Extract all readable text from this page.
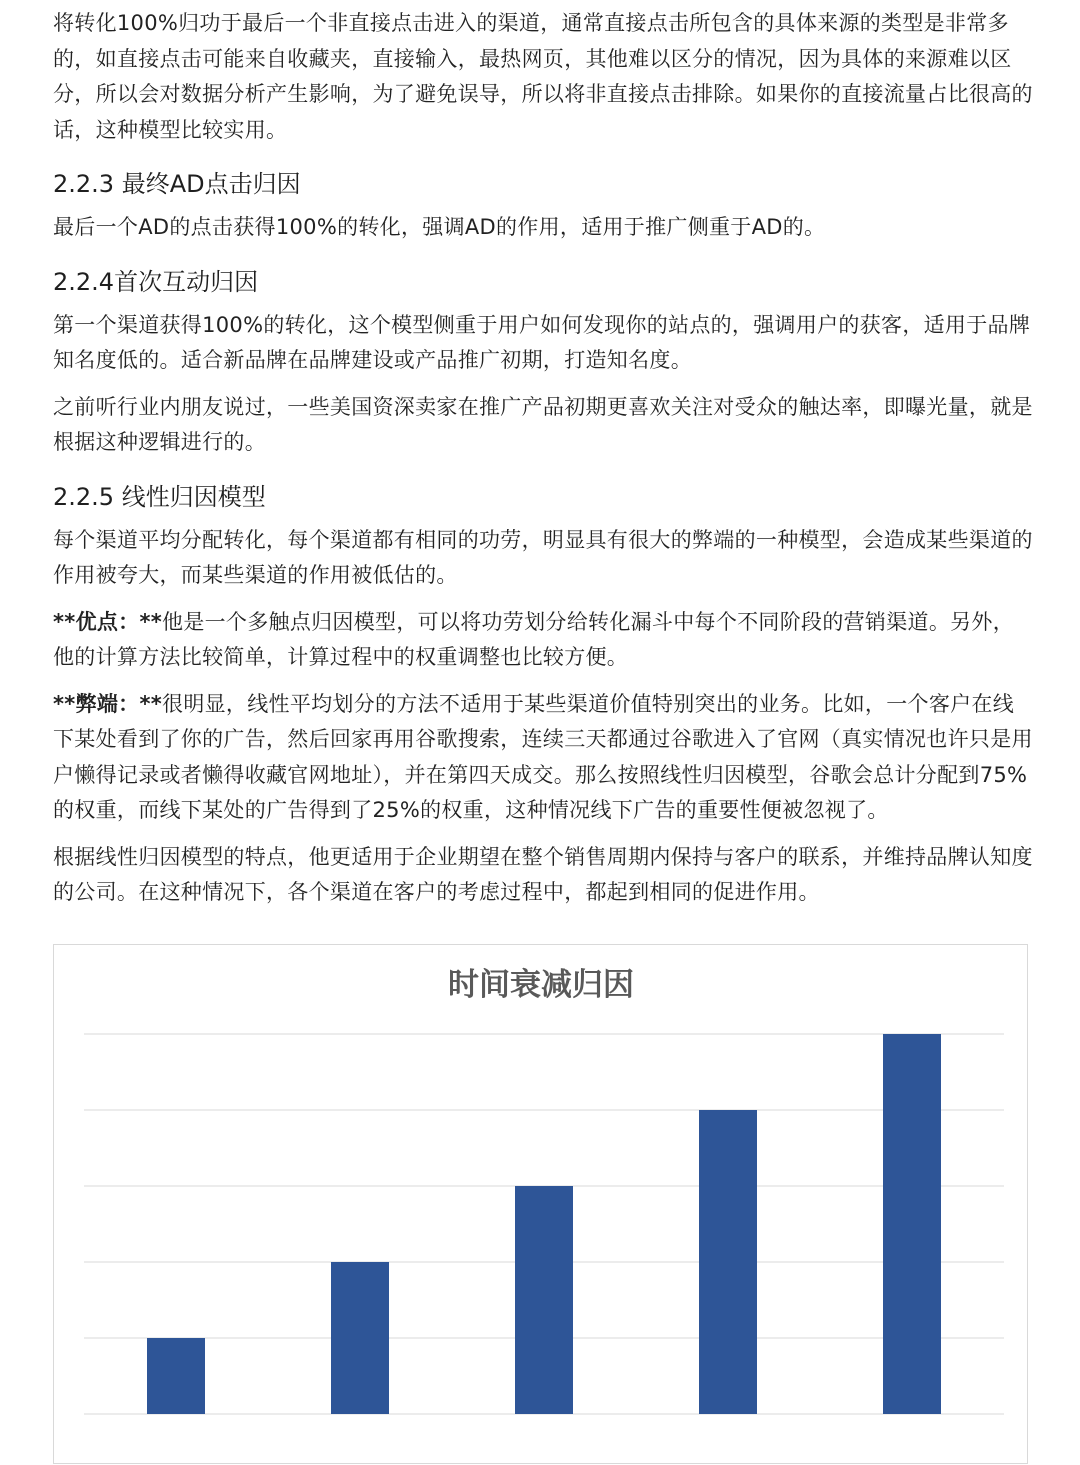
将转化100%归功于最后一个非直接点击进入的渠道，通常直接点击所包含的具体来源的类型是非常多的，如直接点击可能来自收藏夹，直接输入，最热网页，其他难以区分的情况，因为具体的来源难以区分，所以会对数据分析产生影响，为了避免误导，所以将非直接点击排除。如果你的直接流量占比很高的话，这种模型比较实用。

2.2.3 最终AD点击归因

最后一个AD的点击获得100%的转化，强调AD的作用，适用于推广侧重于AD的。

2.2.4首次互动归因

第一个渠道获得100%的转化，这个模型侧重于用户如何发现你的站点的，强调用户的获客，适用于品牌知名度低的。适合新品牌在品牌建设或产品推广初期，打造知名度。

之前听行业内朋友说过，一些美国资深卖家在推广产品初期更喜欢关注对受众的触达率，即曝光量，就是根据这种逻辑进行的。

2.2.5 线性归因模型

每个渠道平均分配转化，每个渠道都有相同的功劳，明显具有很大的弊端的一种模型，会造成某些渠道的作用被夸大，而某些渠道的作用被低估的。

**优点：**他是一个多触点归因模型，可以将功劳划分给转化漏斗中每个不同阶段的营销渠道。另外，他的计算方法比较简单，计算过程中的权重调整也比较方便。

**弊端：**很明显，线性平均划分的方法不适用于某些渠道价值特别突出的业务。比如，一个客户在线下某处看到了你的广告，然后回家再用谷歌搜索，连续三天都通过谷歌进入了官网（真实情况也许只是用户懒得记录或者懒得收藏官网地址），并在第四天成交。那么按照线性归因模型，谷歌会总计分配到75%的权重，而线下某处的广告得到了25%的权重，这种情况线下广告的重要性便被忽视了。

根据线性归因模型的特点，他更适用于企业期望在整个销售周期内保持与客户的联系，并维持品牌认知度的公司。在这种情况下，各个渠道在客户的考虑过程中，都起到相同的促进作用。

时间衰减归因
